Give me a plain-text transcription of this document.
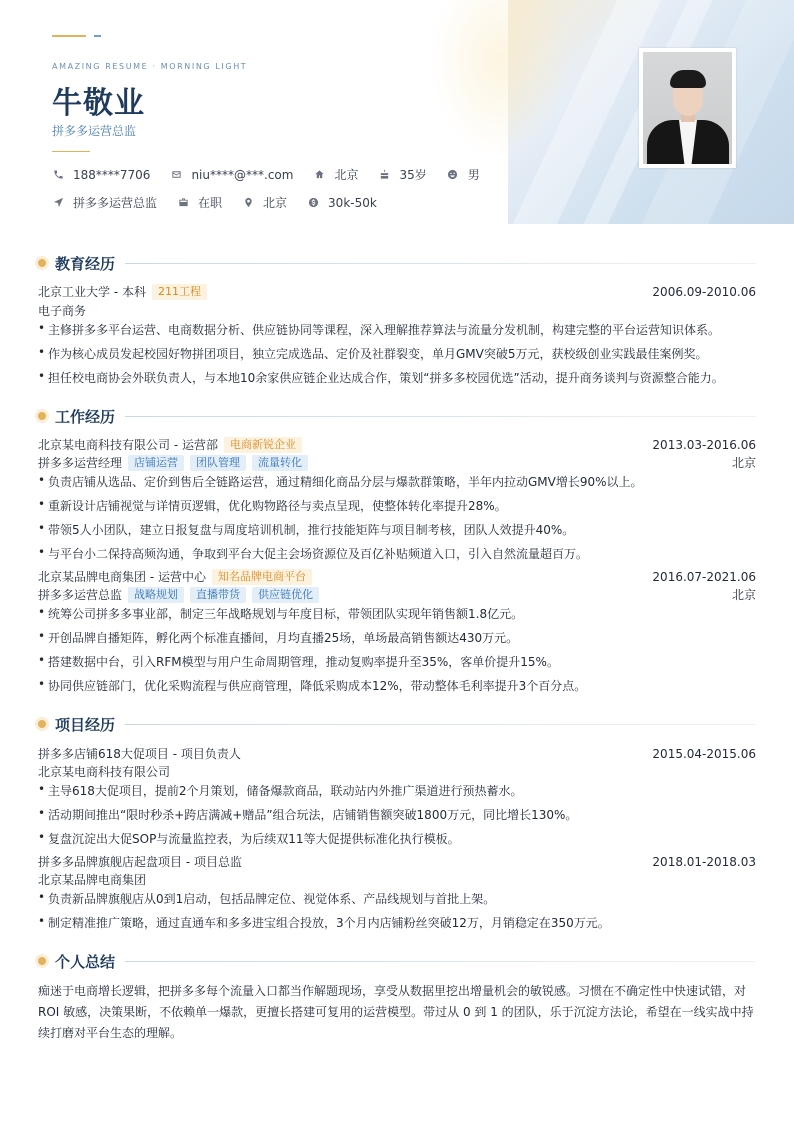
AMAZING RESUME · MORNING LIGHT
牛敬业
拼多多运营总监
188****7706	niu****@***.com	北京	35岁	男
拼多多运营总监	在职	北京	30k-50k
教育经历
北京工业大学 - 本科	211工程	2006.09-2010.06
电子商务
• 主修拼多多平台运营、电商数据分析、供应链协同等课程，深入理解推荐算法与流量分发机制，构建完整的平台运营知识体系。
• 作为核心成员发起校园好物拼团项目，独立完成选品、定价及社群裂变，单月GMV突破5万元，获校级创业实践最佳案例奖。
• 担任校电商协会外联负责人，与本地10余家供应链企业达成合作，策划“拼多多校园优选”活动，提升商务谈判与资源整合能力。
工作经历
北京某电商科技有限公司 - 运营部	电商新锐企业	2013.03-2016.06
拼多多运营经理	店铺运营	团队管理	流量转化	北京
• 负责店铺从选品、定价到售后全链路运营，通过精细化商品分层与爆款群策略，半年内拉动GMV增长90%以上。
• 重新设计店铺视觉与详情页逻辑，优化购物路径与卖点呈现，使整体转化率提升28%。
• 带领5人小团队，建立日报复盘与周度培训机制，推行技能矩阵与项目制考核，团队人效提升40%。
• 与平台小二保持高频沟通，争取到平台大促主会场资源位及百亿补贴频道入口，引入自然流量超百万。
北京某品牌电商集团 - 运营中心	知名品牌电商平台	2016.07-2021.06
拼多多运营总监	战略规划	直播带货	供应链优化	北京
• 统筹公司拼多多事业部，制定三年战略规划与年度目标，带领团队实现年销售额1.8亿元。
• 开创品牌自播矩阵，孵化两个标准直播间，月均直播25场，单场最高销售额达430万元。
• 搭建数据中台，引入RFM模型与用户生命周期管理，推动复购率提升至35%，客单价提升15%。
• 协同供应链部门，优化采购流程与供应商管理，降低采购成本12%，带动整体毛利率提升3个百分点。
项目经历
拼多多店铺618大促项目 - 项目负责人	2015.04-2015.06
北京某电商科技有限公司
• 主导618大促项目，提前2个月策划，储备爆款商品，联动站内外推广渠道进行预热蓄水。
• 活动期间推出“限时秒杀+跨店满减+赠品”组合玩法，店铺销售额突破1800万元，同比增长130%。
• 复盘沉淀出大促SOP与流量监控表，为后续双11等大促提供标准化执行模板。
拼多多品牌旗舰店起盘项目 - 项目总监	2018.01-2018.03
北京某品牌电商集团
• 负责新品牌旗舰店从0到1启动，包括品牌定位、视觉体系、产品线规划与首批上架。
• 制定精准推广策略，通过直通车和多多进宝组合投放，3个月内店铺粉丝突破12万，月销稳定在350万元。
个人总结
痴迷于电商增长逻辑，把拼多多每个流量入口都当作解题现场，享受从数据里挖出增量机会的敏锐感。习惯在不确定性中快速试错，对 ROI 敏感，决策果断，不依赖单一爆款，更擅长搭建可复用的运营模型。带过从 0 到 1 的团队，乐于沉淀方法论，希望在一线实战中持续打磨对平台生态的理解。
